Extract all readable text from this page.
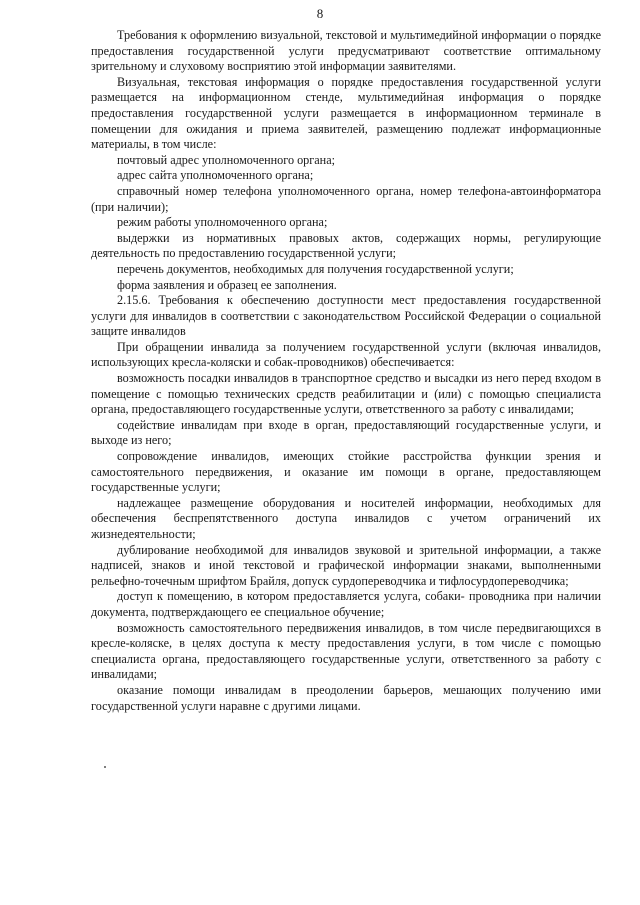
8

Требования к оформлению визуальной, текстовой и мультимедийной информации о порядке предоставления государственной услуги предусматривают соответствие оптимальному зрительному и слуховому восприятию этой информации заявителями.

Визуальная, текстовая информация о порядке предоставления государственной услуги размещается на информационном стенде, мультимедийная информация о порядке предоставления государственной услуги размещается в информационном терминале в помещении для ожидания и приема заявителей, размещению подлежат информационные материалы, в том числе:

почтовый адрес уполномоченного органа;

адрес сайта уполномоченного органа;

справочный номер телефона уполномоченного органа, номер телефона-автоинформатора (при наличии);

режим работы уполномоченного органа;

выдержки из нормативных правовых актов, содержащих нормы, регулирующие деятельность по предоставлению государственной услуги;

перечень документов, необходимых для получения государственной услуги;

форма заявления и образец ее заполнения.

2.15.6. Требования к обеспечению доступности мест предоставления государственной услуги для инвалидов в соответствии с законодательством Российской Федерации о социальной защите инвалидов

При обращении инвалида за получением государственной услуги (включая инвалидов, использующих кресла-коляски и собак-проводников) обеспечивается:

возможность посадки инвалидов в транспортное средство и высадки из него перед входом в помещение с помощью технических средств реабилитации и (или) с помощью специалиста органа, предоставляющего государственные услуги, ответственного за работу с инвалидами;

содействие инвалидам при входе в орган, предоставляющий государственные услуги, и выходе из него;

сопровождение инвалидов, имеющих стойкие расстройства функции зрения и самостоятельного передвижения, и оказание им помощи в органе, предоставляющем государственные услуги;

надлежащее размещение оборудования и носителей информации, необходимых для обеспечения беспрепятственного доступа инвалидов с учетом ограничений их жизнедеятельности;

дублирование необходимой для инвалидов звуковой и зрительной информации, а также надписей, знаков и иной текстовой и графической информации знаками, выполненными рельефно-точечным шрифтом Брайля, допуск сурдопереводчика и тифлосурдопереводчика;

доступ к помещению, в котором предоставляется услуга, собаки- проводника при наличии документа, подтверждающего ее специальное обучение;

возможность самостоятельного передвижения инвалидов, в том числе передвигающихся в кресле-коляске, в целях доступа к месту предоставления услуги, в том числе с помощью специалиста органа, предоставляющего государственные услуги, ответственного за работу с инвалидами;

оказание помощи инвалидам в преодолении барьеров, мешающих получению ими государственной услуги наравне с другими лицами.
